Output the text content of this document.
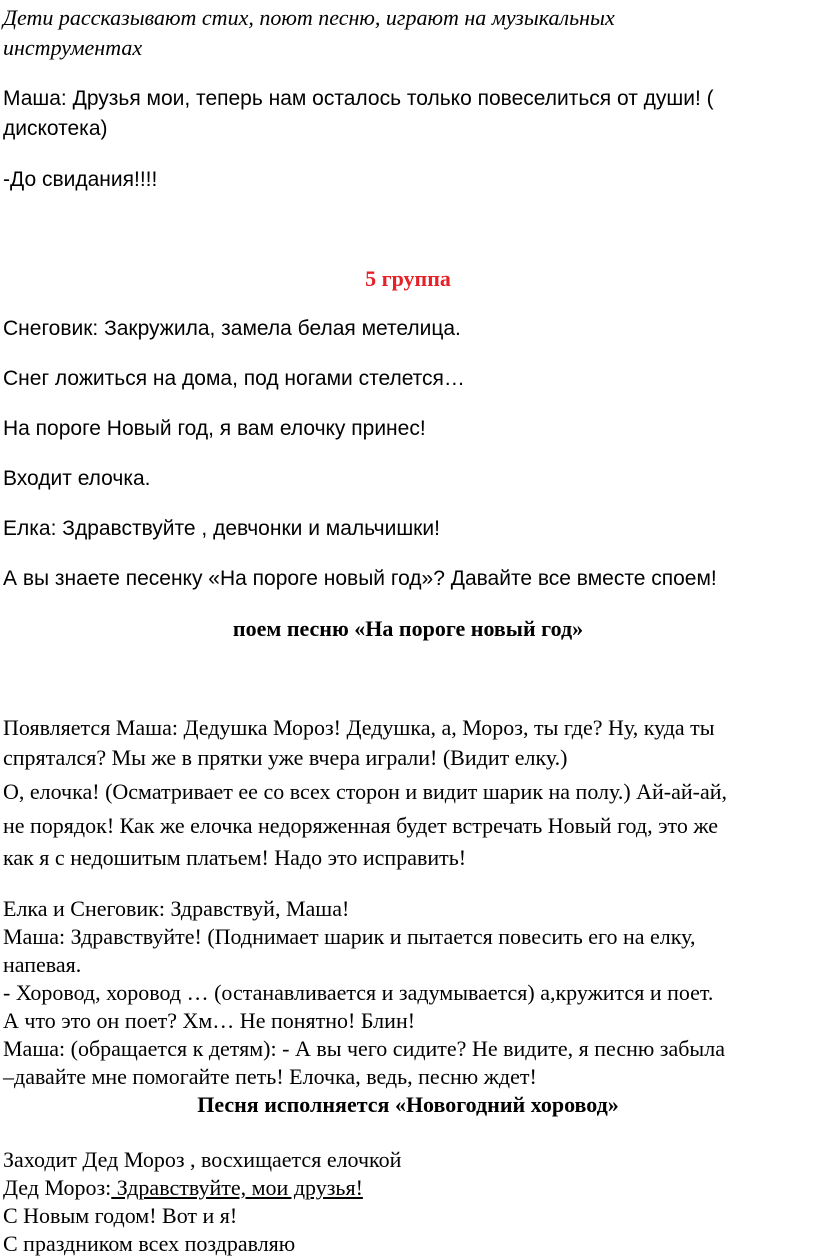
Дети рассказывают стих, поют песню, играют на музыкальных
инструментах
Маша: Друзья мои, теперь нам осталось только повеселиться от души! (
дискотека)
-До свидания!!!!
5 группа
Снеговик: Закружила, замела белая метелица.
Снег ложиться на дома, под ногами стелется…
На пороге Новый год, я вам елочку принес!
Входит елочка.
Елка: Здравствуйте , девчонки и мальчишки!
А вы знаете песенку «На пороге новый год»? Давайте все вместе споем!
поем песню «На пороге новый год»
Появляется Маша: Дедушка Мороз! Дедушка, а, Мороз, ты где? Ну, куда ты
спрятался? Мы же в прятки уже вчера играли! (Видит елку.)
О, елочка! (Осматривает ее со всех сторон и видит шарик на полу.) Ай-ай-ай,
не порядок! Как же елочка недоряженная будет встречать Новый год, это же
как я с недошитым платьем! Надо это исправить!
Елка и Снеговик: Здравствуй, Маша!
Маша: Здравствуйте! (Поднимает шарик и пытается повесить его на елку,
напевая.
- Хоровод, хоровод … (останавливается и задумывается) а,кружится и поет.
А что это он поет? Хм… Не понятно! Блин!
Маша: (обращается к детям): - А вы чего сидите? Не видите, я песню забыла
–давайте мне помогайте петь! Елочка, ведь, песню ждет!
Песня исполняется «Новогодний хоровод»
Заходит Дед Мороз , восхищается елочкой
Дед Мороз: Здравствуйте, мои друзья!
С Новым годом! Вот и я!
С праздником всех поздравляю
